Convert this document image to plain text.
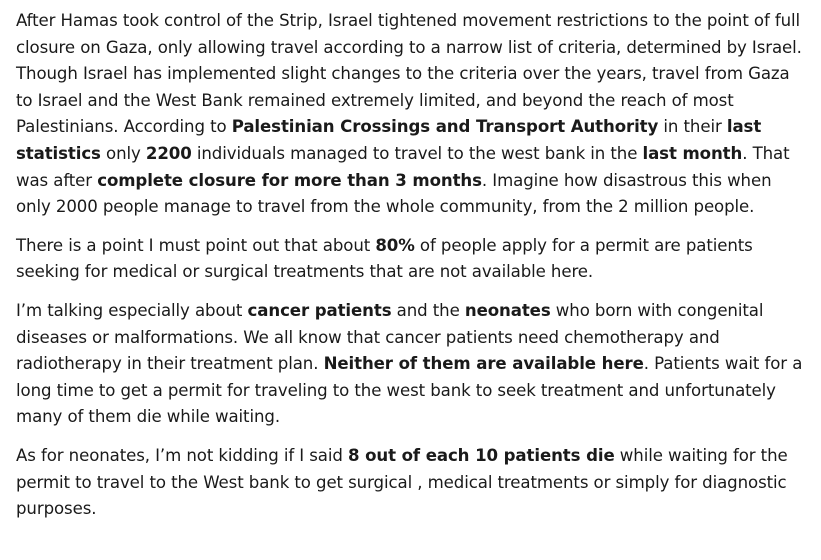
After Hamas took control of the Strip, Israel tightened movement restrictions to the point of full closure on Gaza, only allowing travel according to a narrow list of criteria, determined by Israel. Though Israel has implemented slight changes to the criteria over the years, travel from Gaza to Israel and the West Bank remained extremely limited, and beyond the reach of most Palestinians. According to Palestinian Crossings and Transport Authority in their last statistics only 2200 individuals managed to travel to the west bank in the last month. That was after complete closure for more than 3 months. Imagine how disastrous this when only 2000 people manage to travel from the whole community, from the 2 million people.

There is a point I must point out that about 80% of people apply for a permit are patients seeking for medical or surgical treatments that are not available here.

I’m talking especially about cancer patients and the neonates who born with congenital diseases or malformations. We all know that cancer patients need chemotherapy and radiotherapy in their treatment plan. Neither of them are available here. Patients wait for a long time to get a permit for traveling to the west bank to seek treatment and unfortunately many of them die while waiting.

As for neonates, I’m not kidding if I said 8 out of each 10 patients die while waiting for the permit to travel to the West bank to get surgical , medical treatments or simply for diagnostic purposes.
